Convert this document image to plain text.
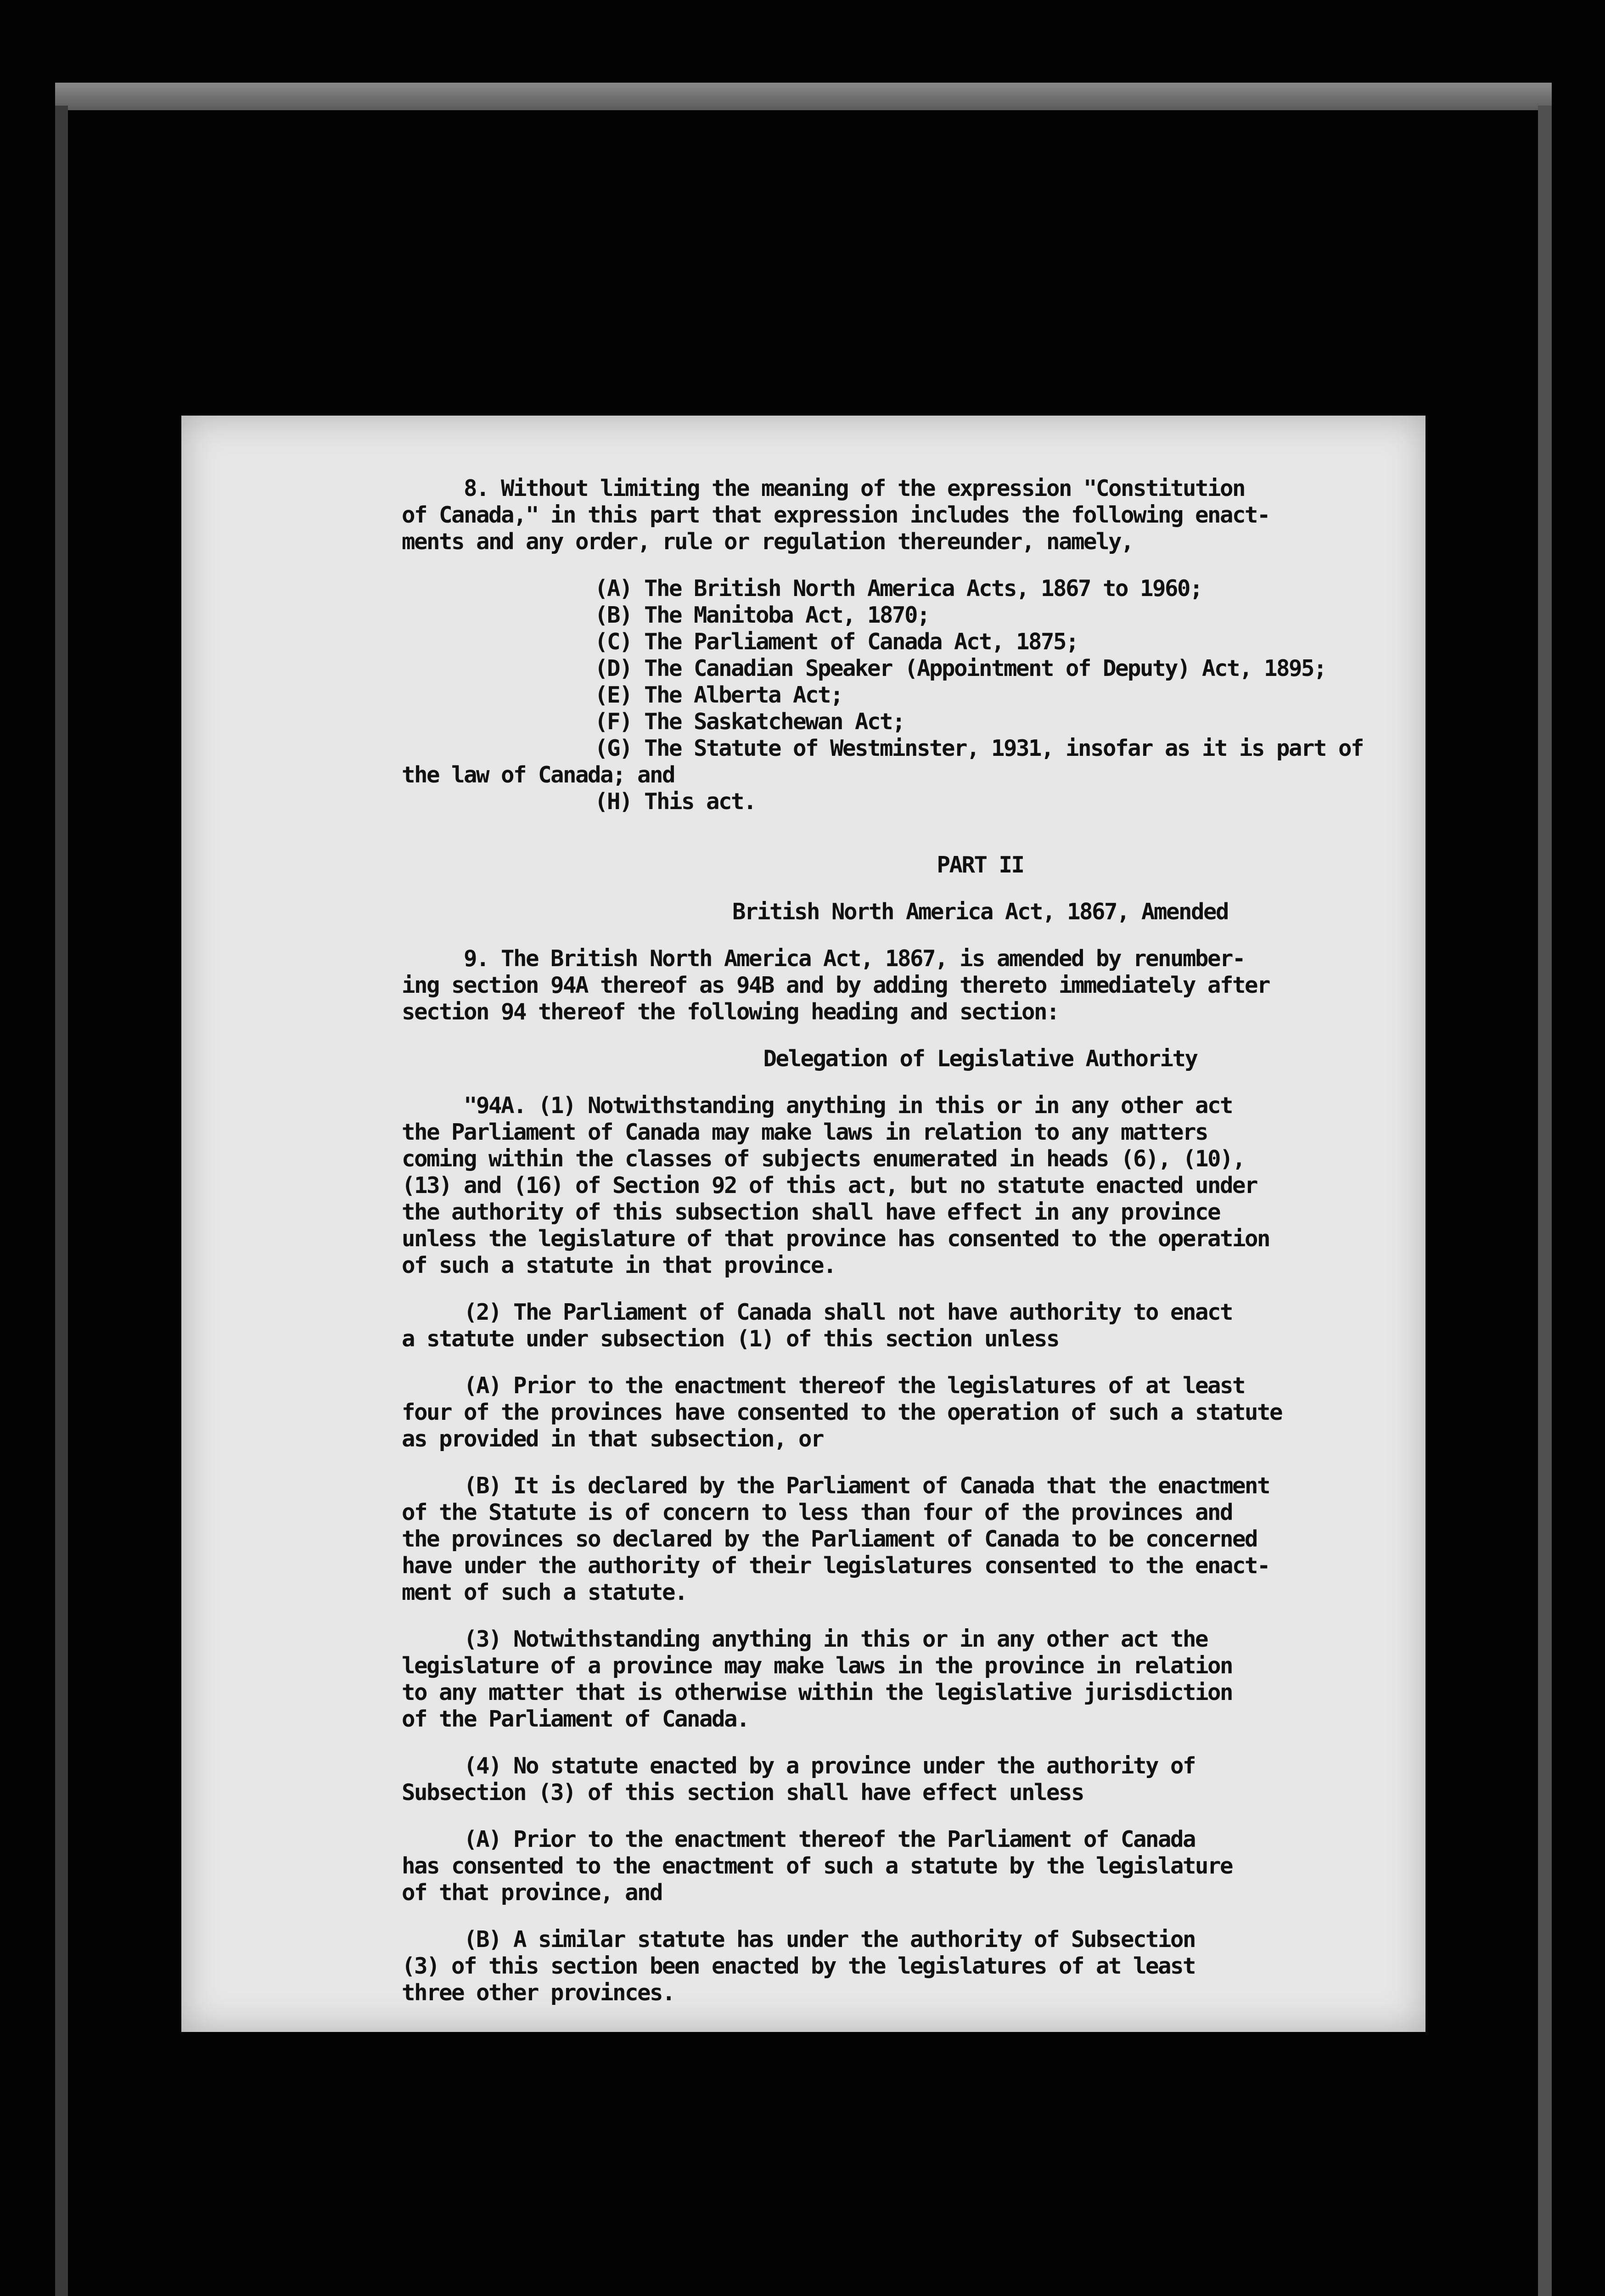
8. Without limiting the meaning of the expression "Constitution

of Canada," in this part that expression includes the following enact-

ments and any order, rule or regulation thereunder, namely,

(A) The British North America Acts, 1867 to 1960;

(B) The Manitoba Act, 1870;

(C) The Parliament of Canada Act, 1875;

(D) The Canadian Speaker (Appointment of Deputy) Act, 1895;

(E) The Alberta Act;

(F) The Saskatchewan Act;

(G) The Statute of Westminster, 1931, insofar as it is part of

the law of Canada; and

(H) This act.

PART II

British North America Act, 1867, Amended

9. The British North America Act, 1867, is amended by renumber-

ing section 94A thereof as 94B and by adding thereto immediately after

section 94 thereof the following heading and section:

Delegation of Legislative Authority

"94A. (1) Notwithstanding anything in this or in any other act

the Parliament of Canada may make laws in relation to any matters

coming within the classes of subjects enumerated in heads (6), (10),

(13) and (16) of Section 92 of this act, but no statute enacted under

the authority of this subsection shall have effect in any province

unless the legislature of that province has consented to the operation

of such a statute in that province.

(2) The Parliament of Canada shall not have authority to enact

a statute under subsection (1) of this section unless

(A) Prior to the enactment thereof the legislatures of at least

four of the provinces have consented to the operation of such a statute

as provided in that subsection, or

(B) It is declared by the Parliament of Canada that the enactment

of the Statute is of concern to less than four of the provinces and

the provinces so declared by the Parliament of Canada to be concerned

have under the authority of their legislatures consented to the enact-

ment of such a statute.

(3) Notwithstanding anything in this or in any other act the

legislature of a province may make laws in the province in relation

to any matter that is otherwise within the legislative jurisdiction

of the Parliament of Canada.

(4) No statute enacted by a province under the authority of

Subsection (3) of this section shall have effect unless

(A) Prior to the enactment thereof the Parliament of Canada

has consented to the enactment of such a statute by the legislature

of that province, and

(B) A similar statute has under the authority of Subsection

(3) of this section been enacted by the legislatures of at least

three other provinces.
